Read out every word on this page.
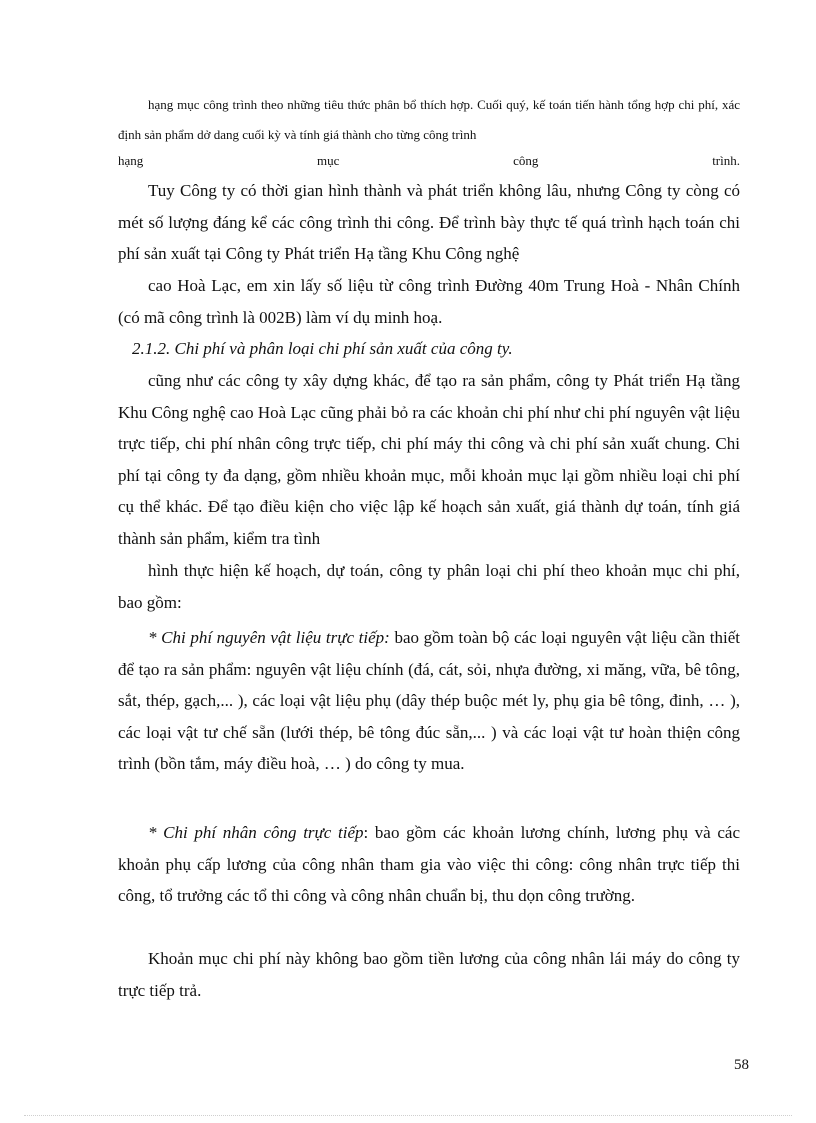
hạng mục công trình theo những tiêu thức phân bổ thích hợp. Cuối quý, kế toán tiến hành tổng hợp chi phí, xác định sản phẩm dở dang cuối kỳ và tính giá thành cho từng công trình

hạng mục công trình.

Tuy Công ty có thời gian hình thành và phát triển không lâu, nhưng Công ty còng có mét số lượng đáng kể các công trình thi công. Để trình bày thực tế quá trình hạch toán chi phí sản xuất tại Công ty Phát triển Hạ tầng Khu Công nghệ

cao Hoà Lạc, em xin lấy số liệu từ công trình Đường 40m Trung Hoà - Nhân Chính (có mã công trình là 002B) làm ví dụ minh hoạ.

2.1.2. Chi phí và phân loại chi phí sản xuất của công ty.

cũng như các công ty xây dựng khác, để tạo ra sản phẩm, công ty Phát triển Hạ tầng Khu Công nghệ cao Hoà Lạc cũng phải bỏ ra các khoản chi phí như chi phí nguyên vật liệu trực tiếp, chi phí nhân công trực tiếp, chi phí máy thi công và chi phí sản xuất chung. Chi phí tại công ty đa dạng, gồm nhiều khoản mục, mỗi khoản mục lại gồm nhiều loại chi phí cụ thể khác. Để tạo điều kiện cho việc lập kế hoạch sản xuất, giá thành dự toán, tính giá thành sản phẩm, kiểm tra tình

hình thực hiện kế hoạch, dự toán, công ty phân loại chi phí theo khoản mục chi phí, bao gồm:

* Chi phí nguyên vật liệu trực tiếp: bao gồm toàn bộ các loại nguyên vật liệu cần thiết để tạo ra sản phẩm: nguyên vật liệu chính (đá, cát, sỏi, nhựa đường, xi măng, vữa, bê tông, sắt, thép, gạch,... ), các loại vật liệu phụ (dây thép buộc mét ly, phụ gia bê tông, đinh, … ), các loại vật tư chế sẵn (lưới thép, bê tông đúc sẵn,... ) và các loại vật tư hoàn thiện công trình (bồn tắm, máy điều hoà, … ) do công ty mua.

* Chi phí nhân công trực tiếp: bao gồm các khoản lương chính, lương phụ và các khoản phụ cấp lương của công nhân tham gia vào việc thi công: công nhân trực tiếp thi công, tổ trưởng các tổ thi công và công nhân chuẩn bị, thu dọn công trường.

Khoản mục chi phí này không bao gồm tiền lương của công nhân lái máy do công ty trực tiếp trả.

58
